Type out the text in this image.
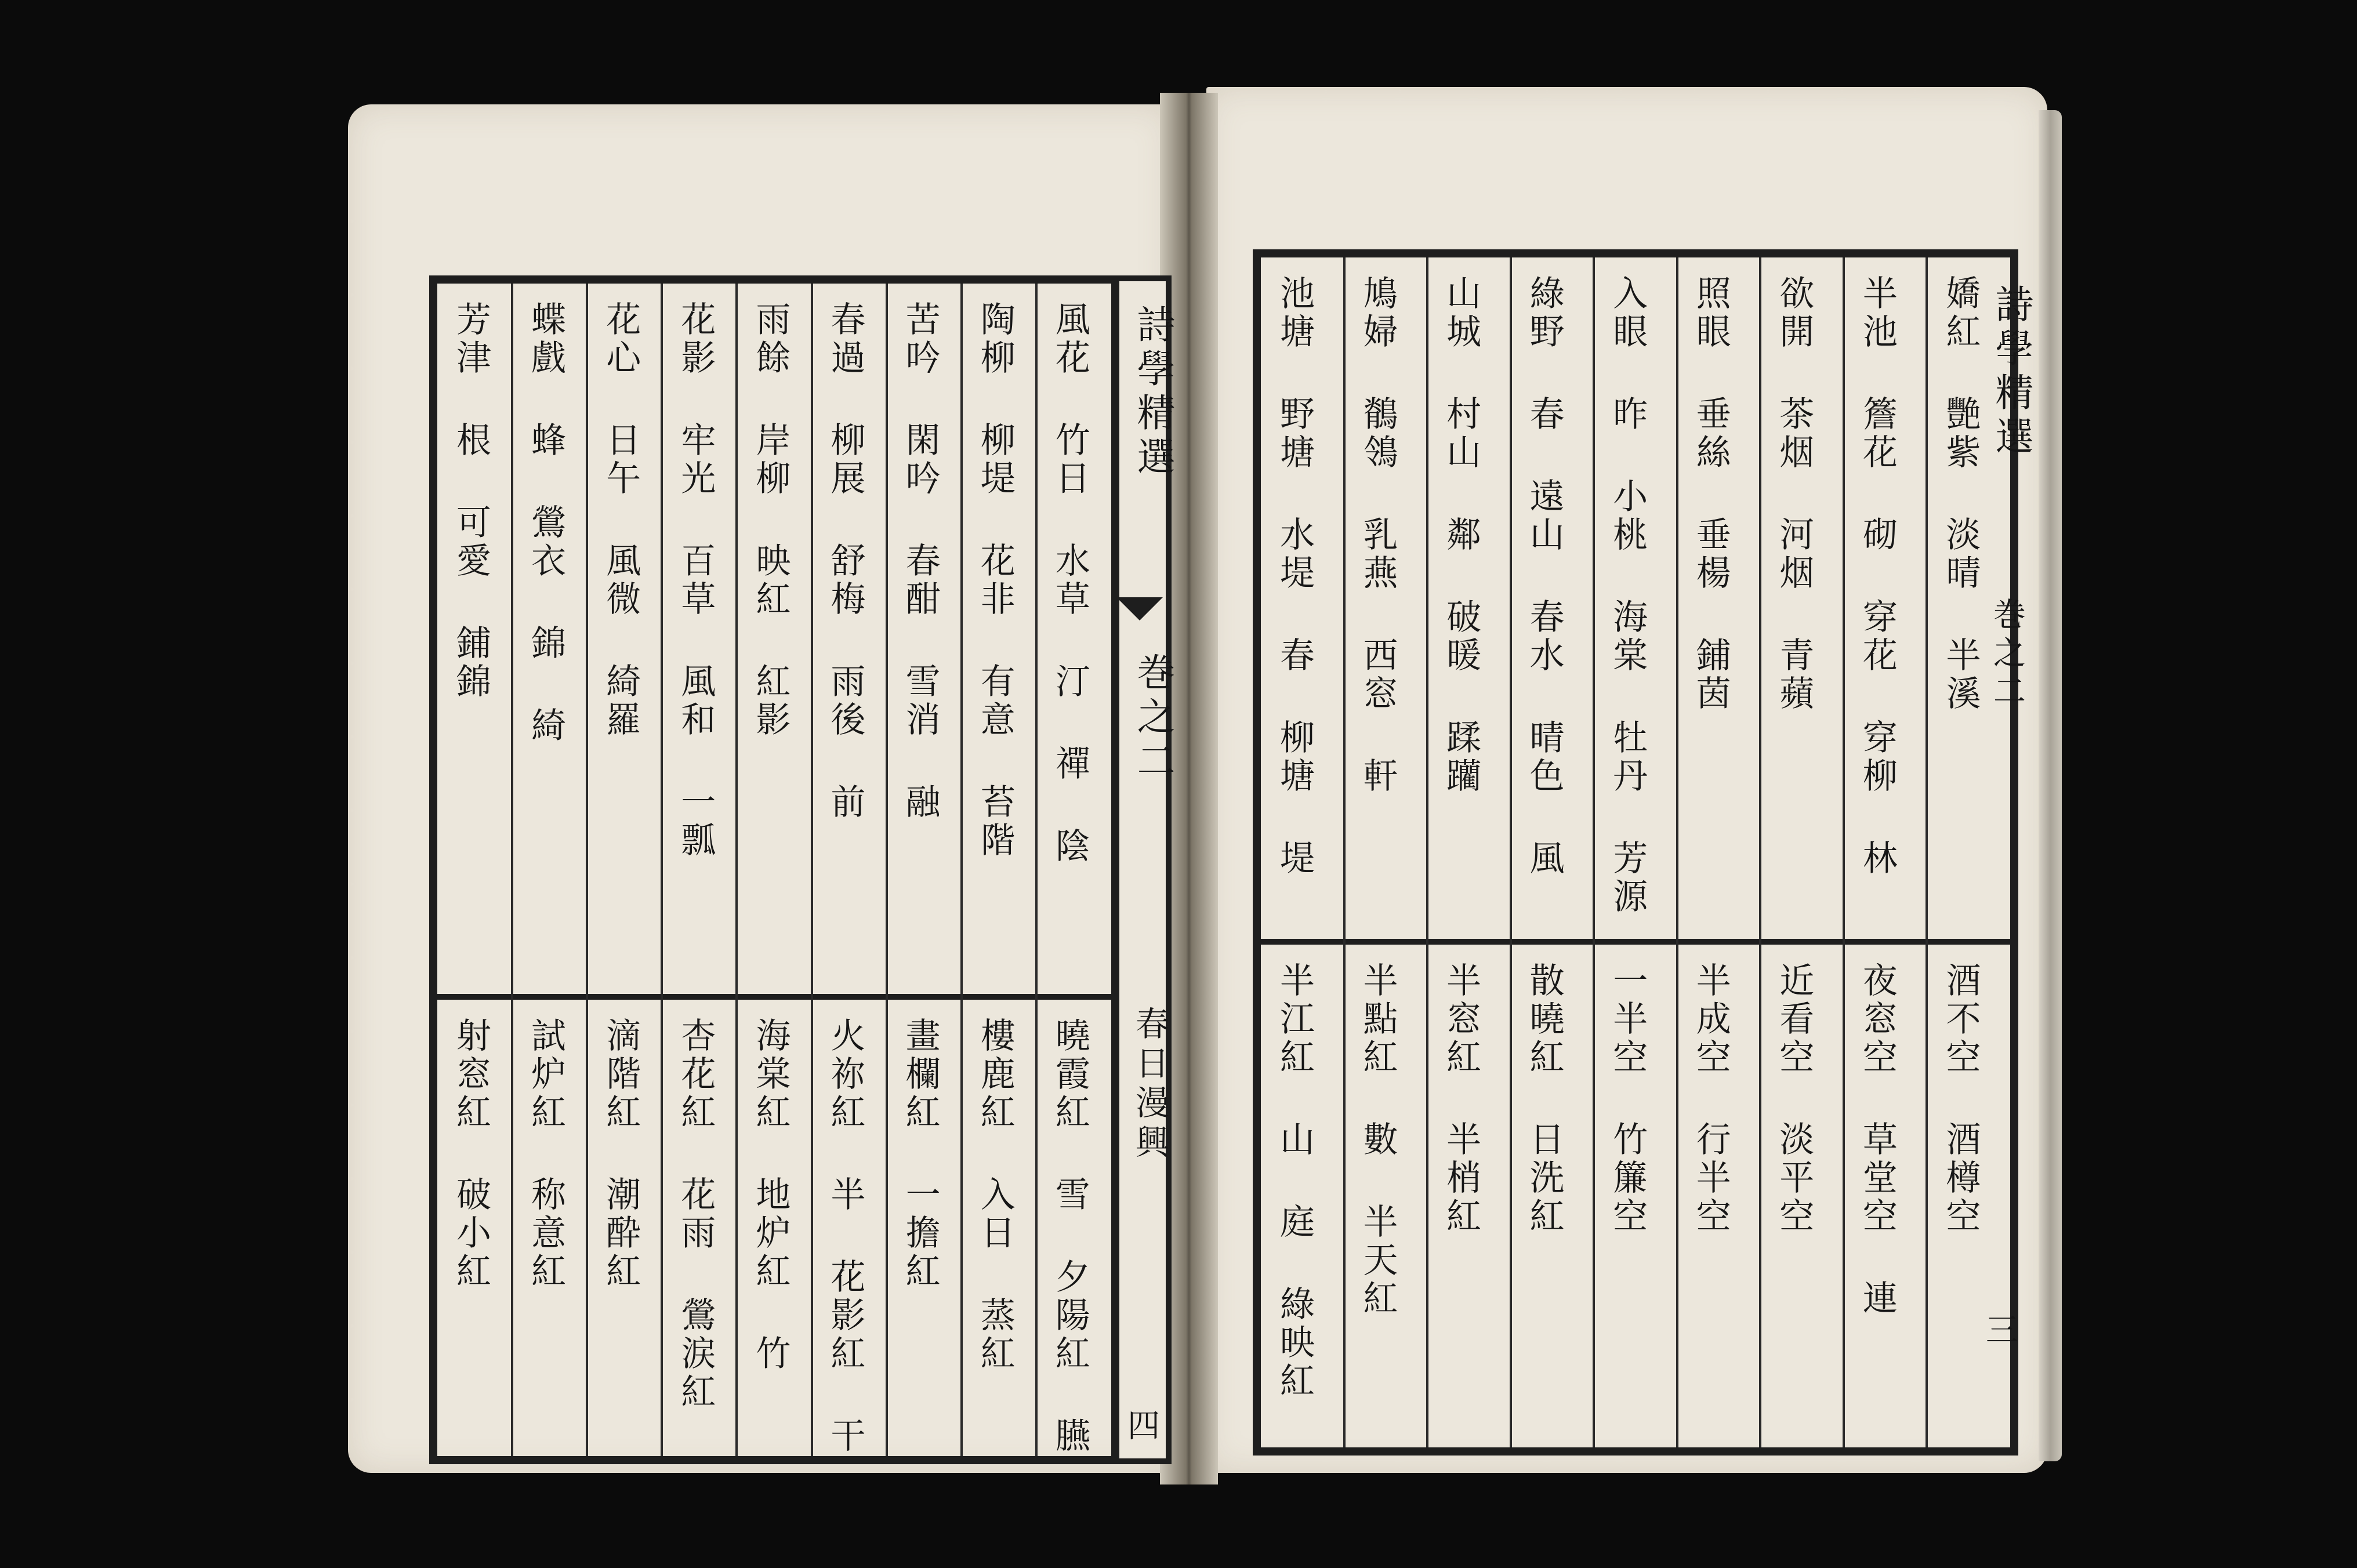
風花 竹日 水草 汀 禪 陰
曉霞紅 雪 夕陽紅 臙
陶柳 柳堤 花非 有意 苔階
樓鹿紅 入日 蒸紅
苦吟 閑吟 春酣 雪消 融
畫欄紅 一擔紅
春過 柳展 舒梅 雨後 前
火祢紅 半 花影紅 干
雨餘 岸柳 映紅 紅影
海棠紅 地炉紅 竹
花影 牢光 百草 風和 一瓢
杏花紅 花雨 鶯涙紅
花心 日午 風微 綺羅
滴階紅 潮酔紅
蝶戲 蜂 鶯衣 錦 綺
試炉紅 称意紅
芳津 根 可愛 鋪錦
射窓紅 破小紅
詩學精選
巻之二
春日漫興
四
嬌紅 艷紫 淡晴 半溪
酒不空 酒樽空
半池 簷花 砌 穿花 穿柳 林
夜窓空 草堂空 連
欲開 茶烟 河烟 青蘋
近看空 淡平空
照眼 垂絲 垂楊 鋪茵
半成空 行半空
入眼 昨 小桃 海棠 牡丹 芳源
一半空 竹簾空
綠野 春 遠山 春水 晴色 風
散曉紅 日洗紅
山城 村山 鄰 破暖 蹂躪
半窓紅 半梢紅
鳩婦 鶺鴒 乳燕 西窓 軒
半點紅 數 半天紅
池塘 野塘 水堤 春 柳塘 堤
半江紅 山 庭 綠映紅
詩學精選
巻之二
三
